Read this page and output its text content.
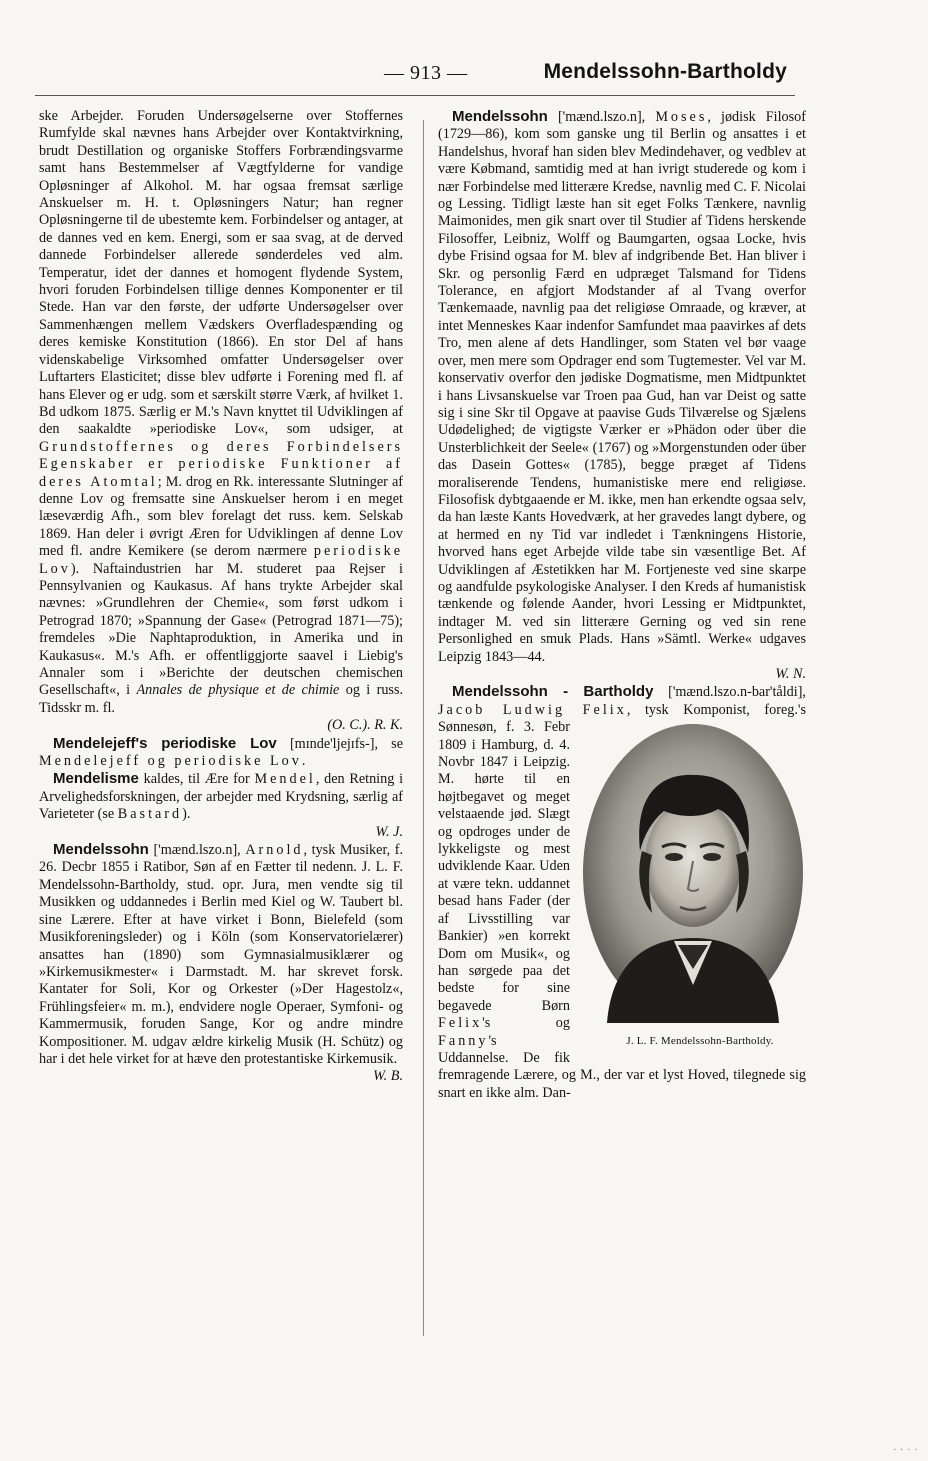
— 913 —	Mendelssohn-Bartholdy

ske Arbejder. Foruden Undersøgelserne over Stoffernes Rumfylde skal nævnes hans Arbejder over Kontaktvirkning, brudt Destillation og organiske Stoffers Forbrændingsvarme samt hans Bestemmelser af Vægtfylderne for vandige Opløsninger af Alkohol. M. har ogsaa fremsat særlige Anskuelser m. H. t. Opløsningers Natur; han regner Opløsningerne til de ubestemte kem. Forbindelser og antager, at de dannes ved en kem. Energi, som er saa svag, at de derved dannede Forbindelser allerede sønderdeles ved alm. Temperatur, idet der dannes et homogent flydende System, hvori foruden Forbindelsen tillige dennes Komponenter er til Stede. Han var den første, der udførte Undersøgelser over Sammenhængen mellem Vædskers Overfladespænding og deres kemiske Konstitution (1866). En stor Del af hans videnskabelige Virksomhed omfatter Undersøgelser over Luftarters Elasticitet; disse blev udførte i Forening med fl. af hans Elever og er udg. som et særskilt større Værk, af hvilket 1. Bd udkom 1875. Særlig er M.'s Navn knyttet til Udviklingen af den saakaldte »periodiske Lov«, som udsiger, at Grundstoffernes og deres Forbindelsers Egenskaber er periodiske Funktioner af deres Atomtal; M. drog en Rk. interessante Slutninger af denne Lov og fremsatte sine Anskuelser herom i en meget læseværdig Afh., som blev forelagt det russ. kem. Selskab 1869. Han deler i øvrigt Æren for Udviklingen af denne Lov med fl. andre Kemikere (se derom nærmere periodiske Lov). Naftaindustrien har M. studeret paa Rejser i Pennsylvanien og Kaukasus. Af hans trykte Arbejder skal nævnes: »Grundlehren der Chemie«, som først udkom i Petrograd 1870; »Spannung der Gase« (Petrograd 1871—75); fremdeles »Die Naphtaproduktion, in Amerika und in Kaukasus«. M.'s Afh. er offentliggjorte saavel i Liebig's Annaler som i »Berichte der deutschen chemischen Gesellschaft«, i Annales de physique et de chimie og i russ. Tidsskr m. fl.

(O. C.). R. K.

Mendelejeff's periodiske Lov [mɪnde'ljejɪfs-], se Mendelejeff og periodiske Lov.

Mendelisme kaldes, til Ære for Mendel, den Retning i Arvelighedsforskningen, der arbejder med Krydsning, særlig af Varieteter (se Bastard).

W. J.

Mendelssohn ['mænd.lszo.n], Arnold, tysk Musiker, f. 26. Decbr 1855 i Ratibor, Søn af en Fætter til nedenn. J. L. F. Mendelssohn-Bartholdy, stud. opr. Jura, men vendte sig til Musikken og uddannedes i Berlin med Kiel og W. Taubert bl. sine Lærere. Efter at have virket i Bonn, Bielefeld (som Musikforeningsleder) og i Köln (som Konservatorielærer) ansattes han (1890) som Gymnasialmusiklærer og »Kirkemusikmester« i Darmstadt. M. har skrevet forsk. Kantater for Soli, Kor og Orkester (»Der Hagestolz«, Frühlingsfeier« m. m.), endvidere nogle Operaer, Symfoni- og Kammermusik, foruden Sange, Kor og andre mindre Kompositioner. M. udgav ældre kirkelig Musik (H. Schütz) og har i det hele virket for at hæve den protestantiske Kirkemusik.

W. B.

Mendelssohn ['mænd.lszo.n], Moses, jødisk Filosof (1729—86), kom som ganske ung til Berlin og ansattes i et Handelshus, hvoraf han siden blev Medindehaver, og vedblev at være Købmand, samtidig med at han ivrigt studerede og kom i nær Forbindelse med litterære Kredse, navnlig med C. F. Nicolai og Lessing. Tidligt læste han sit eget Folks Tænkere, navnlig Maimonides, men gik snart over til Studier af Tidens herskende Filosoffer, Leibniz, Wolff og Baumgarten, ogsaa Locke, hvis dybe Frisind ogsaa for M. blev af indgribende Bet. Han bliver i Skr. og personlig Færd en udpræget Talsmand for Tidens Tolerance, en afgjort Modstander af al Tvang overfor Tænkemaade, navnlig paa det religiøse Omraade, og kræver, at intet Menneskes Kaar indenfor Samfundet maa paavirkes af dets Tro, men alene af dets Handlinger, som Staten vel bør vaage over, men mere som Opdrager end som Tugtemester. Vel var M. konservativ overfor den jødiske Dogmatisme, men Midtpunktet i hans Livsanskuelse var Troen paa Gud, han var Deist og satte sig i sine Skr til Opgave at paavise Guds Tilværelse og Sjælens Udødelighed; de vigtigste Værker er »Phädon oder über die Unsterblichkeit der Seele« (1767) og »Morgenstunden oder über das Dasein Gottes« (1785), begge præget af Tidens moraliserende Tendens, humanistiske mere end religiøse. Filosofisk dybtgaaende er M. ikke, men han erkendte ogsaa selv, da han læste Kants Hovedværk, at her gravedes langt dybere, og at hermed en ny Tid var indledet i Tænkningens Historie, hvorved hans eget Arbejde vilde tabe sin væsentlige Bet. Af Udviklingen af Æstetikken har M. Fortjeneste ved sine skarpe og aandfulde psykologiske Analyser. I den Kreds af humanistisk tænkende og følende Aander, hvori Lessing er Midtpunktet, indtager M. ved sin litterære Gerning og ved sin rene Personlighed en smuk Plads. Hans »Sämtl. Werke« udgaves Leipzig 1843—44.

W. N.

Mendelssohn - Bartholdy ['mænd.lszo.n-bar'tåldi], Jacob Ludwig Felix
J. L. F. Mendelssohn-Bartholdy.
, tysk Komponist, foreg.'s Sønnesøn, f. 3. Febr 1809 i Hamburg, d. 4. Novbr 1847 i Leipzig. M. hørte til en højtbegavet og meget velstaaende jød. Slægt og opdroges under de lykkeligste og mest udviklende Kaar. Uden at være tekn. uddannet besad hans Fader (der af Livsstilling var Bankier) »en korrekt Dom om Musik«, og han sørgede paa det bedste for sine begavede Børn Felix's og Fanny's Uddannelse. De fik fremragende Lærere, og M., der var et lyst Hoved, tilegnede sig snart en ikke alm. Dan-

. . . .
